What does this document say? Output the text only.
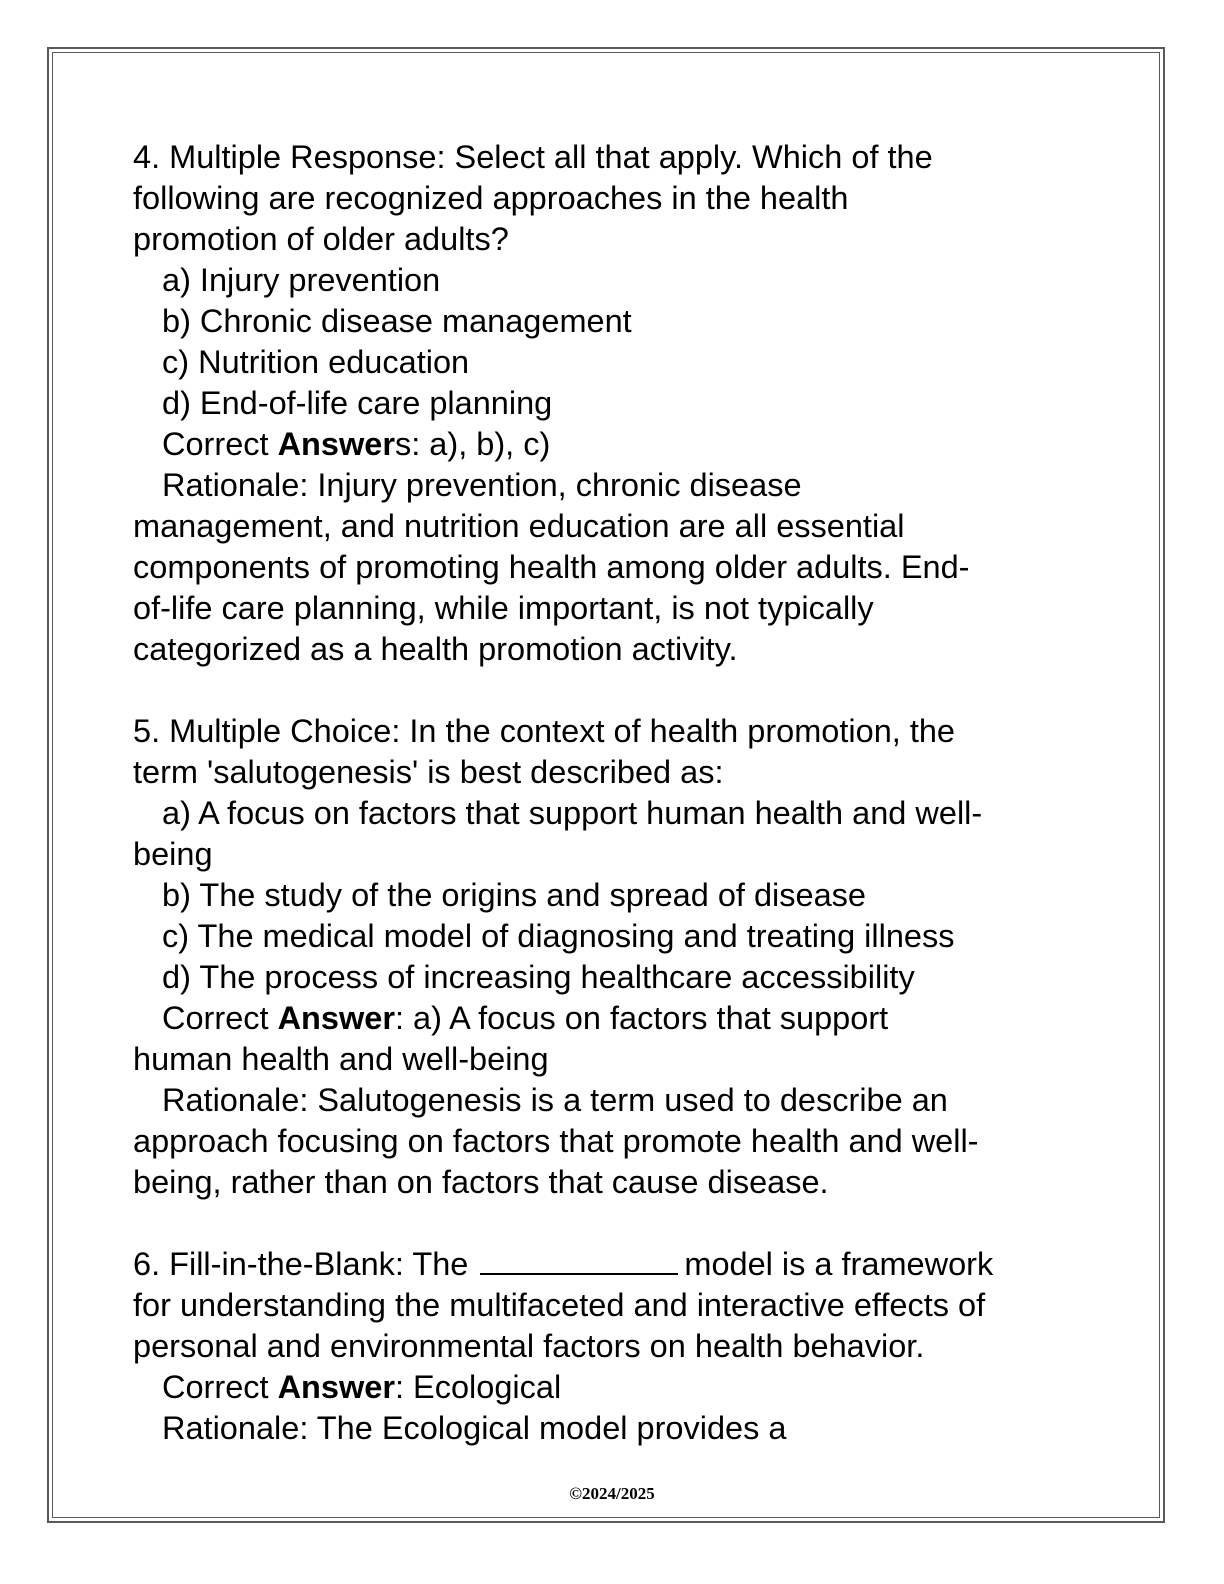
4. Multiple Response: Select all that apply. Which of the
following are recognized approaches in the health
promotion of older adults?
a) Injury prevention
b) Chronic disease management
c) Nutrition education
d) End-of-life care planning
Correct Answers: a), b), c)
Rationale: Injury prevention, chronic disease
management, and nutrition education are all essential
components of promoting health among older adults. End-
of-life care planning, while important, is not typically
categorized as a health promotion activity.
5. Multiple Choice: In the context of health promotion, the
term 'salutogenesis' is best described as:
a) A focus on factors that support human health and well-
being
b) The study of the origins and spread of disease
c) The medical model of diagnosing and treating illness
d) The process of increasing healthcare accessibility
Correct Answer: a) A focus on factors that support
human health and well-being
Rationale: Salutogenesis is a term used to describe an
approach focusing on factors that promote health and well-
being, rather than on factors that cause disease.
6. Fill-in-the-Blank: The	model is a framework
for understanding the multifaceted and interactive effects of
personal and environmental factors on health behavior.
Correct Answer: Ecological
Rationale: The Ecological model provides a
©2024/2025
